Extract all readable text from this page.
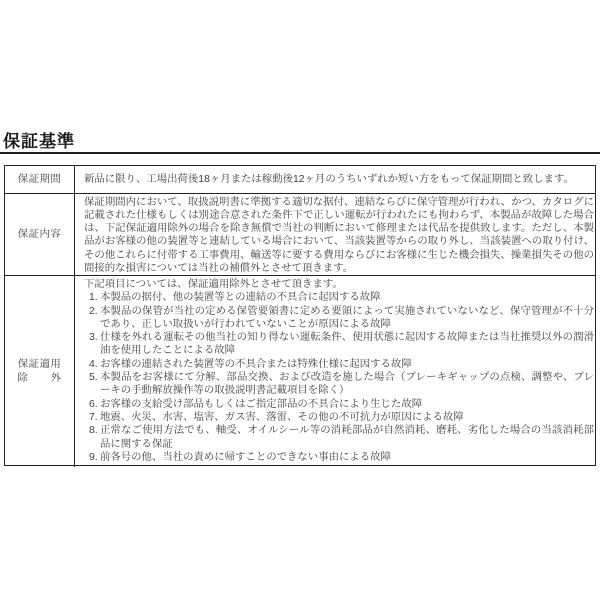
保証基準
保証期間 新品に限り、工場出荷後18ヶ月または稼動後12ヶ月のうちいずれか短い方をもって保証期間と致します。
保証内容

保証期間内において、取扱説明書に準拠する適切な据付、連結ならびに保守管理が行われ、かつ、カタログに記載された仕様もしくは別途合意された条件下で正しい運転が行われたにも拘わらず、本製品が故障した場合は、下記保証適用除外の場合を除き無償で当社の判断において修理または代品を提供致します。ただし、本製品がお客様の他の装置等と連結している場合において、当該装置等からの取り外し、当該装置への取り付け、その他これらに付帯する工事費用、輸送等に要する費用ならびにお客様に生じた機会損失、操業損失その他の間接的な損害については当社の補償外とさせて頂きます。

保証適用
除外

下記項目については、保証適用除外とさせて頂きます。

1. 本製品の据付、他の装置等との連結の不具合に起因する故障
2. 本製品の保管が当社の定める保管要領書に定める要領によって実施されていないなど、保守管理が不十分であり、正しい取扱いが行われていないことが原因による故障
3. 仕様を外れる運転その他当社の知り得ない運転条件、使用状態に起因する故障または当社推奨以外の潤滑油を使用したことによる故障
4. お客様の連結された装置等の不具合または特殊仕様に起因する故障
5. 本製品をお客様にて分解、部品交換、および改造を施した場合（ブレーキギャップの点検、調整や、ブレーキの手動解放操作等の取扱説明書記載項目を除く）
6. お客様の支給受け部品もしくはご指定部品の不具合により生じた故障
7. 地震、火災、水害、塩害、ガス害、落雷、その他の不可抗力が原因による故障
8. 正常なご使用方法でも、軸受、オイルシール等の消耗部品が自然消耗、磨耗、劣化した場合の当該消耗部品に関する保証
9. 前各号の他、当社の責めに帰すことのできない事由による故障
